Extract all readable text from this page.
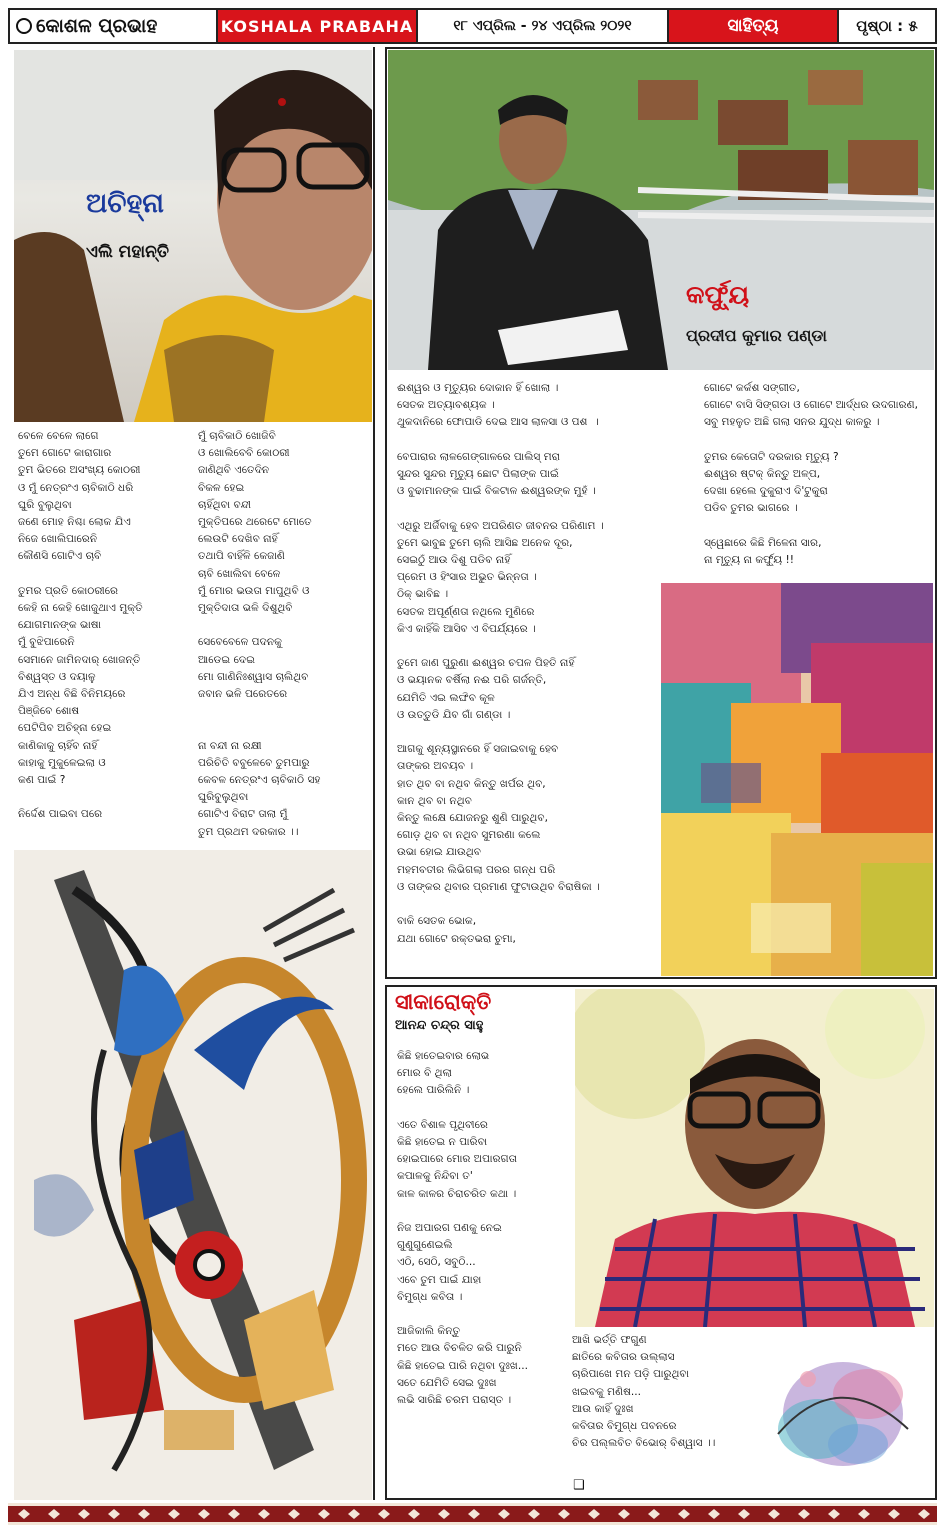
କୋଶଳ ପ୍ରଭାହ	KOSHALA PRABAHA	୧୮ ଏପ୍ରିଲ - ୨୪ ଏପ୍ରିଲ ୨୦୨୧	ସାହିତ୍ୟ	ପୃଷ୍ଠା : ୫
ଅଚିହ୍ନା
ଏଲି ମହାନ୍ତି
ବେଳେ ବେଳେ ଲାଗେ
ତୁମେ ଗୋଟେ କାରାଗାର
ତୁମ ଭିତରେ ଅସଂଖ୍ୟ କୋଠରୀ
ଓ ମୁଁ ନେତ୍ରଂଏ ଚାବିକାଠି ଧରି
ଘୁରି ବୁଲୁଥିବା
ଜଣେ ମୋହ ନିଶ୍ଚା ଲୋକ ଯିଏ
ନିଜେ ଖୋଲିପାରେନି
କୌଣସି ଗୋଟିଏ ଚାବି

ତୁମର ପ୍ରତି କୋଠରୀରେ
କେହି ନା କେହି ଖୋଜୁଥାଏ ମୁକ୍ତି
ଯୋଗମାନଙ୍କ ଭାଷା
ମୁଁ ବୁଝିପାରେନି
ସେମାନେ ଜାମିନଦାର୍ ଖୋଜନ୍ତି
ବିଶ୍ୱସ୍ତ ଓ ଦୟାଳୁ
ଯିଏ ଅନ୍ଧ ବିଛି ବିନିମୟରେ
ପିଞ୍ଜିବେ ଶୋଷ
ପେଟିପିବ ଅଚିହ୍ନା ହେଇ
କାଣିକାକୁ ଚାହିଁବ ନାହିଁ
କାହାକୁ ମୁକୁଳେଇଲା ଓ
କଣ ପାଇଁ ?

ନିର୍ଦ୍ଦେଶ ପାଇବା ପରେ
ମୁଁ ଚାବିକାଠି ଖୋଜିବି
ଓ ଖୋଲିବେବି କୋଠରୀ
ଜାଣିଥିବି ଏତେଦିନ
ବିକଳ ହେଇ
ଚାହିଁଥିବା ବନ୍ଦୀ
ମୁକ୍ତିପରେ ଥରେଟେ ମୋତେ
ଲେଉଟି ଦେଖିବ ନାହିଁ
ତଥାପି ବାହିଁଳି କେଜାଣି
ଚାବି ଖୋଲିବା ବେଳେ
ମୁଁ ମୋର ଭଉତା ମାପୁଥିବି ଓ
ମୁକ୍ତିଦାତା ଭଳି ଦିଶୁଥିବି

ସେବେବେଳେ ପଦନକୁ
ଆଡେଇ ଦେଇ
ମୋ ଗାଣିନିଃଶ୍ୱାସ ଚାଲିଥିବ
ଜବାନ ଭଳି ପରେତରେ

ନା ବନ୍ଦୀ ନା ରକ୍ଷୀ
ପରିଚିତି ବବୁଳେବେ ତୁମପାରୁ
କେବଳ ନେତ୍ରଂଏ ଚାବିକାଠି ସହ
ଘୁରିବୁଲୁଥିବା
ଗୋଟିଏ ବିରାଟ ତାଲା ମୁଁ
ତୁମ ପ୍ରଥମ ଦରକାର ।।
କର୍ଫ୍ୟୁ
ପ୍ରଦୀପ କୁମାର ପଣ୍ଡା
ଈଶ୍ୱର ଓ ମୃତ୍ୟୁର ଦୋକାନ ହିଁ ଖୋଲା ।
ସେତକ ଅତ୍ୟାବଶ୍ୟକ ।
ଥୁକଦାନିରେ ଫୋପାଡି ଦେଇ ଆସ ଲାଳସା ଓ ପଶ  ।

ବେପାରାର ଲାଳଗେଙ୍ଗାଳରେ ପାଲିସ୍ ମରା
ସୁନ୍ଦର ସୁନ୍ଦର ମୃତ୍ୟୁ ଛୋଟ ପିଲାଙ୍କ ପାଇଁ
ଓ ବୁଢାମାନଙ୍କ ପାଇଁ ବିକଟାଳ ଈଶ୍ୱରଙ୍କ ମୁହଁ ।

ଏଥିରୁ ଅର୍ଜିବାକୁ ହେବ ଅପରିଣତ ଜୀବନର ପରିଣାମ ।
ତୁମେ ଭାବୁଛ ତୁମେ ଚାଲି ଆସିଛ ଅନେକ ଦୂର,
ସେଇଠୁଁ ଆଉ ଦିଶୁ ପଡିବ ନାହିଁ
ପ୍ରେମ ଓ ହିଂସାର ଅଭୁତ ଭିନ୍ନତା ।
ଠିକ୍ ଭାବିଛ ।
ସେତକ ଅପୂର୍ଣ୍ଣତା ନଥିଲେ ମୁଣିରେ
କିଏ କାହିଁକି ଆସିବ ଏ ବିପର୍ଯ୍ୟରେ ।

ତୁମେ ଜାଣ ପୁରୁଣା ଈଶ୍ୱର ଚପଳ ପିହତି ନାହିଁ
ଓ ଭୟାନକ ବର୍ଷିଲା ନଈ ପରି ଗର୍ଜନ୍ତି,
ଯେମିତି ଏଇ ଲଙ୍ଘିବ କୂଳ
ଓ ଉତ୍ତୁଡି ଯିବ ଗାଁ ଗଣ୍ଡା ।

ଆଗକୁ ଶୂନ୍ୟସ୍ଥାନରେ ହିଁ ସଜାଇବାକୁ ହେବ
ତାଙ୍କର ଅବୟବ ।
ହାତ ଥିବ ବା ନଥିବ କିନ୍ତୁ ଖର୍ପର ଥିବ,
କାନ ଥିବ ବା ନଥିବ
କିନ୍ତୁ ଲକ୍ଷେ ଯୋଜନରୁ ଶୁଣି ପାରୁଥିବ,
ଗୋଡ଼ ଥିବ ବା ନଥିବ ସୁମରଣା କଲେ
ଉଭା ହୋଇ ଯାଉଥିବ
ମହମବତୀର ଲିଭିଗଲା ପରର ଗନ୍ଧ ପରି
ଓ ତାଙ୍କର ଥିବାର ପ୍ରମାଣ ଫୁଟାଉଥିବ ବିରାଷିକା ।

ବାକି ସେତକ ଭୋକ,
ଯଥା ଗୋଟେ ରକ୍ତଭରା ଚୁମା,
ଗୋଟେ କର୍କଶ ସଙ୍ଗୀତ,
ଗୋଟେ ବାସି ସିଙ୍ଗଡା ଓ ଗୋଟେ ଆର୍ଦ୍ଧର ଉଦଗାରଣ,
ସବୁ ମହଳୁତ ଅଛି ଗଲା ସନର ଯୁଦ୍ଧ କାଳରୁ ।

ତୁମର କେତୋଟି ଦରକାର ମୃତ୍ୟୁ ?
ଈଶ୍ୱର ଷ୍ଟକ୍ କିନ୍ତୁ ଅଳ୍ପ,
ଦେଖା ହେଲେ ଦୁକୁରାଏ ଦି'ଟୁକୁରା
ପଡିବ ତୁମର ଭାଗରେ ।

ସ୍ୱେଛାରେ କିଛି ମିଳେନା ସାର,
ନା ମୃତ୍ୟୁ ନା କର୍ଫ୍ୟୁ !!
ସୀକାରୋକ୍ତି
ଆନନ୍ଦ ଚନ୍ଦ୍ର ସାହୁ
କିଛି ହାତେଇବାର ଲୋଭ
ମୋର ବି ଥିଲା
ହେଲେ ପାରିଲିନି ।

ଏତେ ବିଶାଳ ପୃଥିବୀରେ
କିଛି ହାତେଇ ନ ପାରିବା
ହୋଇପାରେ ମୋର ଅପାରଗତା
କପାଳକୁ ନିନ୍ଦିବା ତ'
କାଳ କାଳର ଚିରାଚରିତ କଥା ।

ନିଜ ଅପାରଗ ପଣକୁ ନେଇ
ଗୁଣୁଗୁଣେଇଲି
ଏଠି, ସେଠି, ସବୁଠି...
ଏବେ ତୁମ ପାଇଁ ଯାହା
ବିମୁଗ୍ଧ କବିତା ।

ଆଜିକାଲି କିନ୍ତୁ
ମତେ ଆଉ ବିଚଳିତ କରି ପାରୁନି
କିଛି ହାତେଇ ପାରି ନଥିବା ଦୁଃଖ...
ସତେ ଯେମିତି ସେଇ ଦୁଃଖ
ଲଭି ସାରିଛି ଚରମ ପରାସ୍ତ ।
ଆଖି ଭର୍ତ୍ତି ଫଗୁଣ
ଛାତିରେ କବିତାର ଉଲ୍ଲାସ
ଚାରିପାଖେ ମନ ପଡ଼ି ପାରୁଥିବା
ଖଇବକୁ ମଣିଷ...
ଆଉ କାହିଁ ଦୁଃଖ
କବିତାର ବିମୁଗ୍ଧ ପବନରେ
ଚିର ପଲ୍ଲବିତ ବିଭୋର୍ ବିଶ୍ୱାସ ।।
❑
